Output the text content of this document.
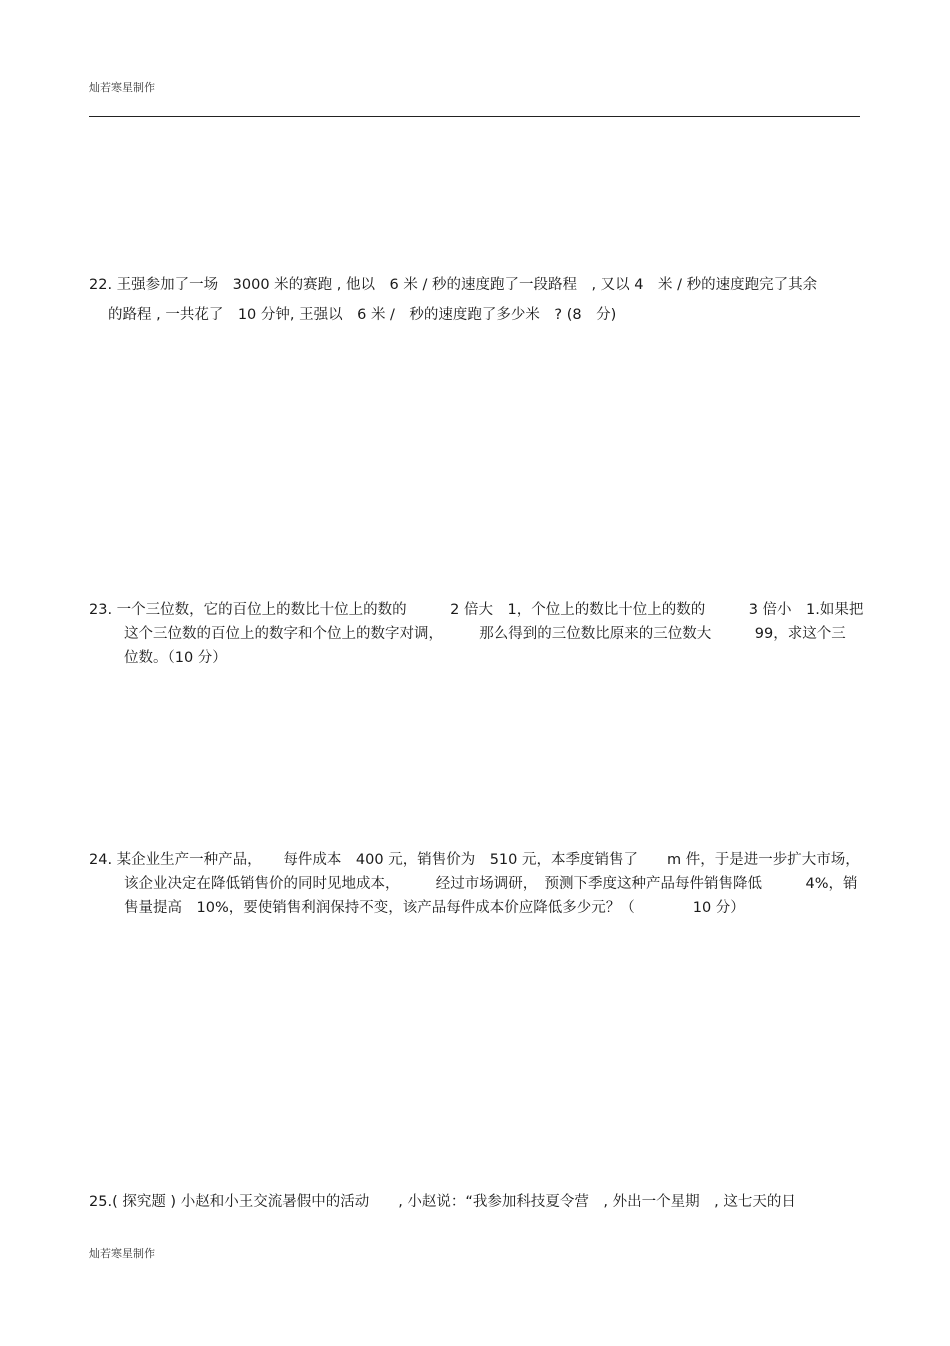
灿若寒星制作
22. 王强参加了一场　3000 米的赛跑 , 他以　6 米 / 秒的速度跑了一段路程　, 又以 4　米 / 秒的速度跑完了其余
的路程 , 一共花了　10 分钟, 王强以　6 米 /　秒的速度跑了多少米　? (8　分)
23. 一个三位数，它的百位上的数比十位上的数的　　　2 倍大　1，个位上的数比十位上的数的　　　3 倍小　1.如果把
这个三位数的百位上的数字和个位上的数字对调，　　　那么得到的三位数比原来的三位数大　　　99，求这个三
位数。（10 分）
24. 某企业生产一种产品，　　每件成本　400 元，销售价为　510 元，本季度销售了　　m 件，于是进一步扩大市场，
该企业决定在降低销售价的同时见地成本，　　　经过市场调研，　预测下季度这种产品每件销售降低　　　4%，销
售量提高　10%，要使销售利润保持不变，该产品每件成本价应降低多少元？（　　　　10 分）
25.( 探究题 ) 小赵和小王交流暑假中的活动　　, 小赵说：“我参加科技夏令营　, 外出一个星期　, 这七天的日
灿若寒星制作
